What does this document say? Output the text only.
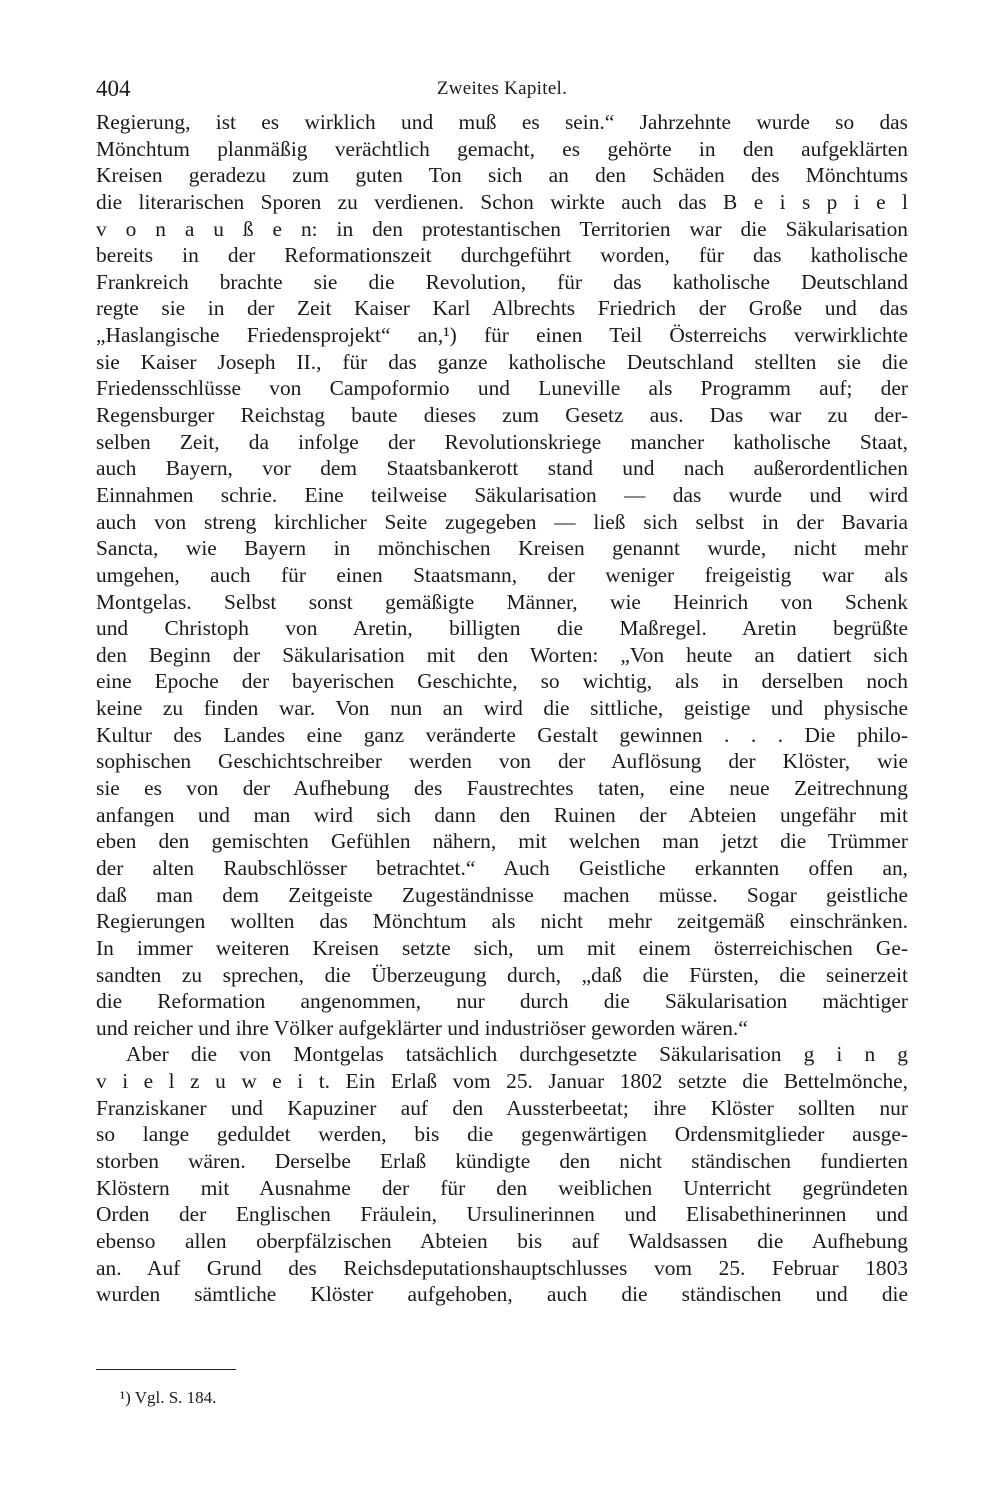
404	Zweites Kapitel.
Regierung, ist es wirklich und muß es sein.“ Jahrzehnte wurde so das
Mönchtum planmäßig verächtlich gemacht, es gehörte in den aufgeklärten
Kreisen geradezu zum guten Ton sich an den Schäden des Mönchtums
die literarischen Sporen zu verdienen. Schon wirkte auch das B e i s p i e l
v o n a u ß e n: in den protestantischen Territorien war die Säkularisation
bereits in der Reformationszeit durchgeführt worden, für das katholische
Frankreich brachte sie die Revolution, für das katholische Deutschland
regte sie in der Zeit Kaiser Karl Albrechts Friedrich der Große und das
„Haslangische Friedensprojekt“ an,¹) für einen Teil Österreichs verwirklichte
sie Kaiser Joseph II., für das ganze katholische Deutschland stellten sie die
Friedensschlüsse von Campoformio und Luneville als Programm auf; der
Regensburger Reichstag baute dieses zum Gesetz aus. Das war zu der-
selben Zeit, da infolge der Revolutionskriege mancher katholische Staat,
auch Bayern, vor dem Staatsbankerott stand und nach außerordentlichen
Einnahmen schrie. Eine teilweise Säkularisation — das wurde und wird
auch von streng kirchlicher Seite zugegeben — ließ sich selbst in der Bavaria
Sancta, wie Bayern in mönchischen Kreisen genannt wurde, nicht mehr
umgehen, auch für einen Staatsmann, der weniger freigeistig war als
Montgelas. Selbst sonst gemäßigte Männer, wie Heinrich von Schenk
und Christoph von Aretin, billigten die Maßregel. Aretin begrüßte
den Beginn der Säkularisation mit den Worten: „Von heute an datiert sich
eine Epoche der bayerischen Geschichte, so wichtig, als in derselben noch
keine zu finden war. Von nun an wird die sittliche, geistige und physische
Kultur des Landes eine ganz veränderte Gestalt gewinnen . . . Die philo-
sophischen Geschichtschreiber werden von der Auflösung der Klöster, wie
sie es von der Aufhebung des Faustrechtes taten, eine neue Zeitrechnung
anfangen und man wird sich dann den Ruinen der Abteien ungefähr mit
eben den gemischten Gefühlen nähern, mit welchen man jetzt die Trümmer
der alten Raubschlösser betrachtet.“ Auch Geistliche erkannten offen an,
daß man dem Zeitgeiste Zugeständnisse machen müsse. Sogar geistliche
Regierungen wollten das Mönchtum als nicht mehr zeitgemäß einschränken.
In immer weiteren Kreisen setzte sich, um mit einem österreichischen Ge-
sandten zu sprechen, die Überzeugung durch, „daß die Fürsten, die seinerzeit
die Reformation angenommen, nur durch die Säkularisation mächtiger
und reicher und ihre Völker aufgeklärter und industriöser geworden wären.“
Aber die von Montgelas tatsächlich durchgesetzte Säkularisation g i n g
v i e l z u w e i t. Ein Erlaß vom 25. Januar 1802 setzte die Bettelmönche,
Franziskaner und Kapuziner auf den Aussterbeetat; ihre Klöster sollten nur
so lange geduldet werden, bis die gegenwärtigen Ordensmitglieder ausge-
storben wären. Derselbe Erlaß kündigte den nicht ständischen fundierten
Klöstern mit Ausnahme der für den weiblichen Unterricht gegründeten
Orden der Englischen Fräulein, Ursulinerinnen und Elisabethinerinnen und
ebenso allen oberpfälzischen Abteien bis auf Waldsassen die Aufhebung
an. Auf Grund des Reichsdeputationshauptschlusses vom 25. Februar 1803
wurden sämtliche Klöster aufgehoben, auch die ständischen und die
¹) Vgl. S. 184.
